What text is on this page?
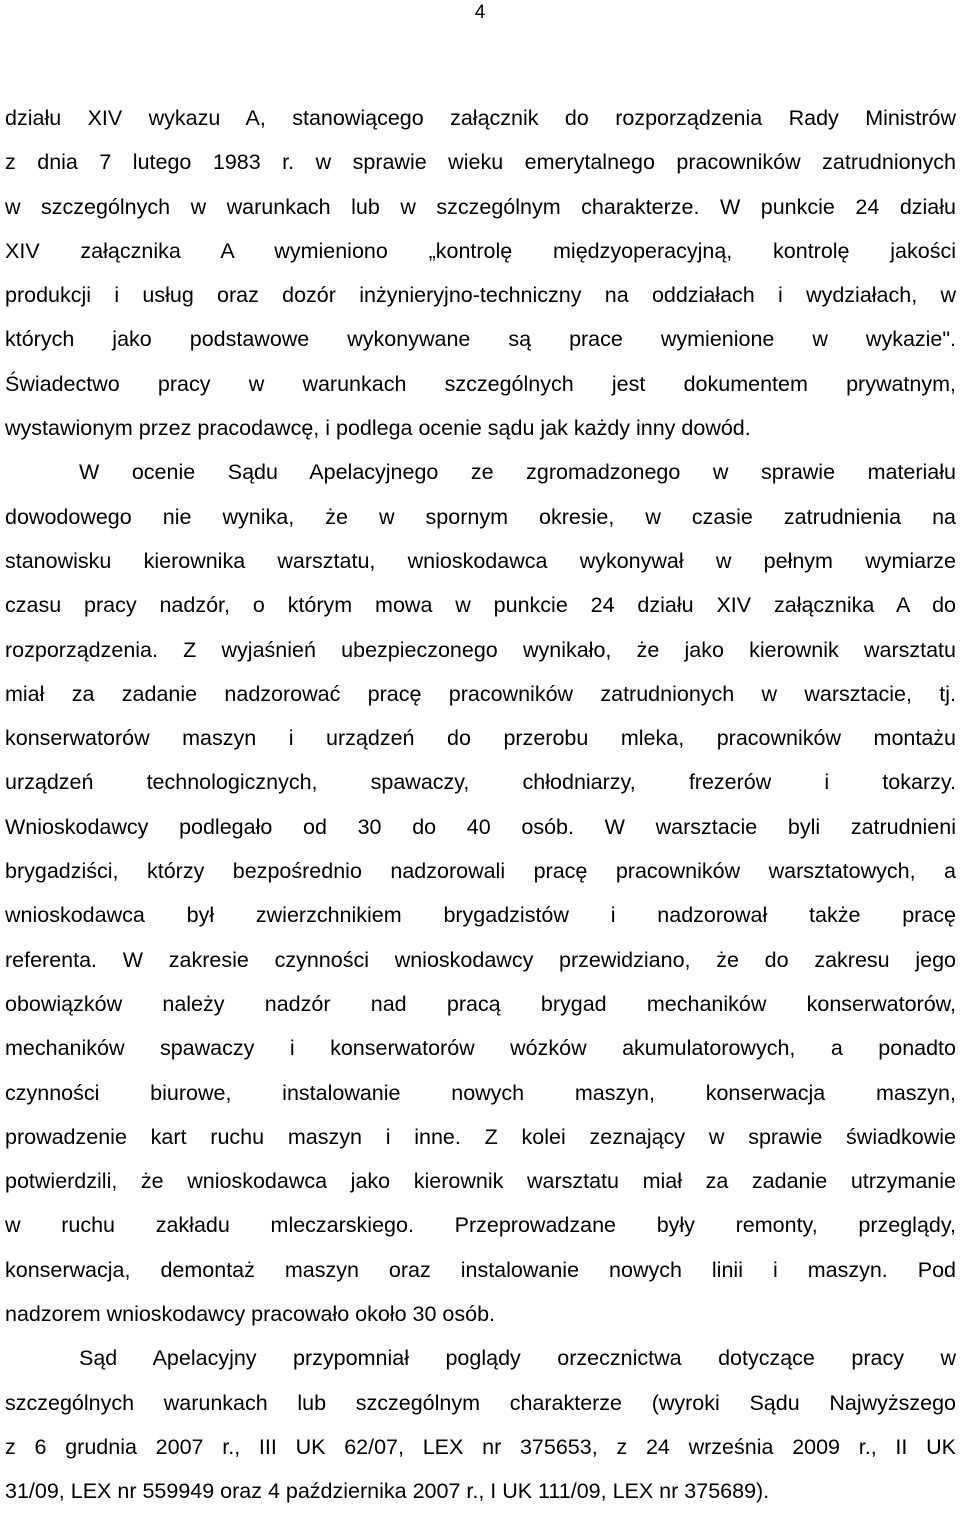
4
działu XIV wykazu A, stanowiącego załącznik do rozporządzenia Rady Ministrów
z dnia 7 lutego 1983 r. w sprawie wieku emerytalnego pracowników zatrudnionych
w szczególnych w warunkach lub w szczególnym charakterze. W punkcie 24 działu
XIV załącznika A wymieniono „kontrolę międzyoperacyjną, kontrolę jakości
produkcji i usług oraz dozór inżynieryjno-techniczny na oddziałach i wydziałach, w
których jako podstawowe wykonywane są prace wymienione w wykazie".
Świadectwo pracy w warunkach szczególnych jest dokumentem prywatnym,
wystawionym przez pracodawcę, i podlega ocenie sądu jak każdy inny dowód.
W ocenie Sądu Apelacyjnego ze zgromadzonego w sprawie materiału
dowodowego nie wynika, że w spornym okresie, w czasie zatrudnienia na
stanowisku kierownika warsztatu, wnioskodawca wykonywał w pełnym wymiarze
czasu pracy nadzór, o którym mowa w punkcie 24 działu XIV załącznika A do
rozporządzenia. Z wyjaśnień ubezpieczonego wynikało, że jako kierownik warsztatu
miał za zadanie nadzorować pracę pracowników zatrudnionych w warsztacie, tj.
konserwatorów maszyn i urządzeń do przerobu mleka, pracowników montażu
urządzeń technologicznych, spawaczy, chłodniarzy, frezerów i tokarzy.
Wnioskodawcy podlegało od 30 do 40 osób. W warsztacie byli zatrudnieni
brygadziści, którzy bezpośrednio nadzorowali pracę pracowników warsztatowych, a
wnioskodawca był zwierzchnikiem brygadzistów i nadzorował także pracę
referenta. W zakresie czynności wnioskodawcy przewidziano, że do zakresu jego
obowiązków należy nadzór nad pracą brygad mechaników konserwatorów,
mechaników spawaczy i konserwatorów wózków akumulatorowych, a ponadto
czynności biurowe, instalowanie nowych maszyn, konserwacja maszyn,
prowadzenie kart ruchu maszyn i inne. Z kolei zeznający w sprawie świadkowie
potwierdzili, że wnioskodawca jako kierownik warsztatu miał za zadanie utrzymanie
w ruchu zakładu mleczarskiego. Przeprowadzane były remonty, przeglądy,
konserwacja, demontaż maszyn oraz instalowanie nowych linii i maszyn. Pod
nadzorem wnioskodawcy pracowało około 30 osób.
Sąd Apelacyjny przypomniał poglądy orzecznictwa dotyczące pracy w
szczególnych warunkach lub szczególnym charakterze (wyroki Sądu Najwyższego
z 6 grudnia 2007 r., III UK 62/07, LEX nr 375653, z 24 września 2009 r., II UK
31/09, LEX nr 559949 oraz 4 października 2007 r., I UK 111/09, LEX nr 375689).
